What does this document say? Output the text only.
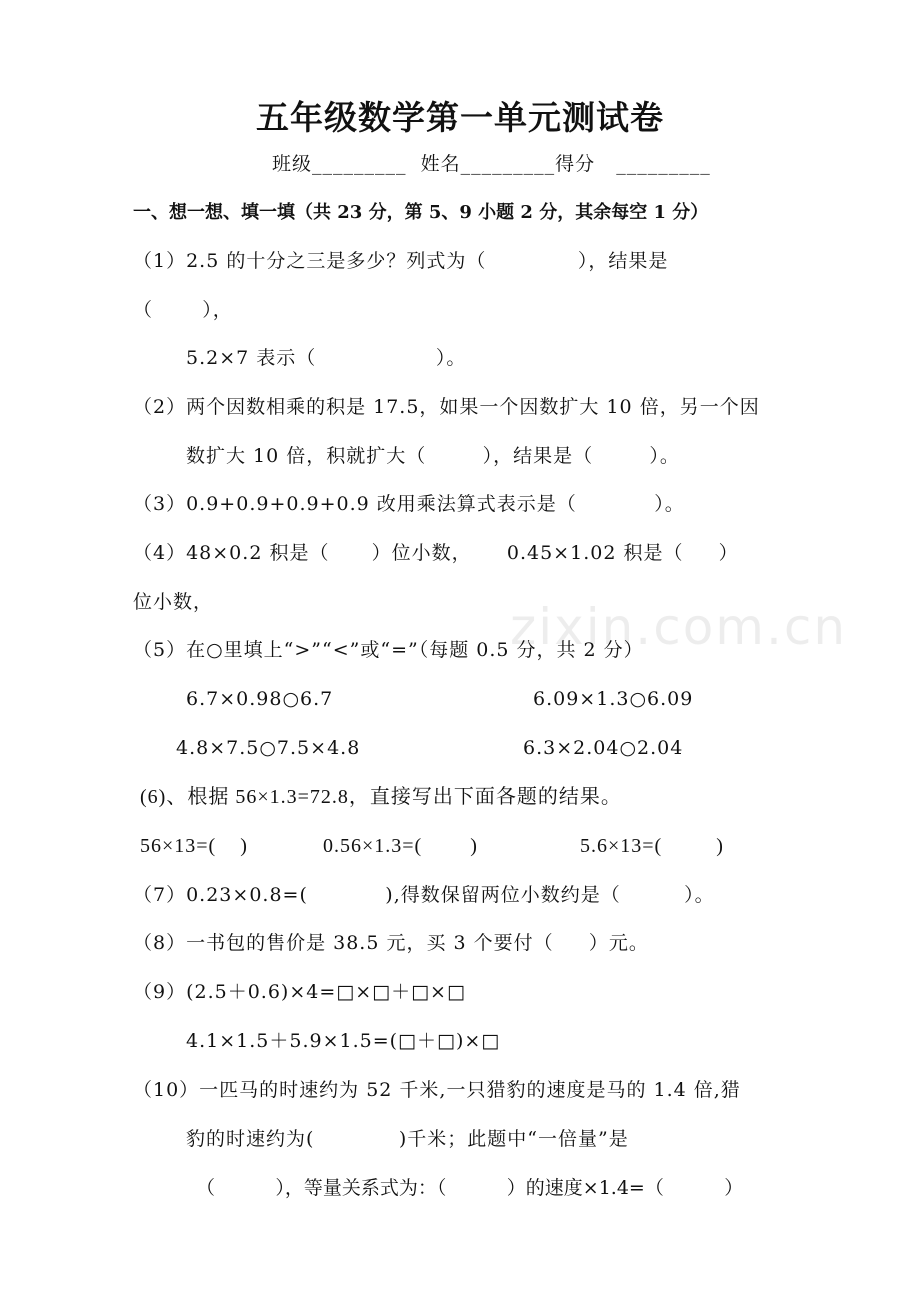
五年级数学第一单元测试卷
班级_________  姓名_________得分   _________
一、想一想、填一填（共 23 分，第 5、9 小题 2 分，其余每空 1 分）
（1）2.5 的十分之三是多少？列式为（             ），结果是
（       ），
5.2×7 表示（                 ）。
（2）两个因数相乘的积是 17.5，如果一个因数扩大 10 倍，另一个因
数扩大 10 倍，积就扩大（        ），结果是（        ）。
（3）0.9+0.9+0.9+0.9 改用乘法算式表示是（           ）。
（4）48×0.2 积是（      ）位小数，     0.45×1.02 积是（     ）
位小数，
（5）在○里填上“>”“<”或“=”（每题 0.5 分，共 2 分）
6.7×0.98○6.7	6.09×1.3○6.09
4.8×7.5○7.5×4.8	6.3×2.04○2.04
(6)、根据 56×1.3=72.8，直接写出下面各题的结果。
56×13=(    )	0.56×1.3=(        )	5.6×13=(         )
（7）0.23×0.8=(           ),得数保留两位小数约是（         ）。
（8）一书包的售价是 38.5 元，买 3 个要付（     ）元。
（9）(2.5＋0.6)×4=□×□＋□×□
4.1×1.5＋5.9×1.5=(□＋□)×□
（10）一匹马的时速约为 52 千米,一只猎豹的速度是马的 1.4 倍,猎
豹的时速约为(            )千米；此题中“一倍量”是
（          ），等量关系式为：（          ）的速度×1.4=（          ）
zixin.com.cn
